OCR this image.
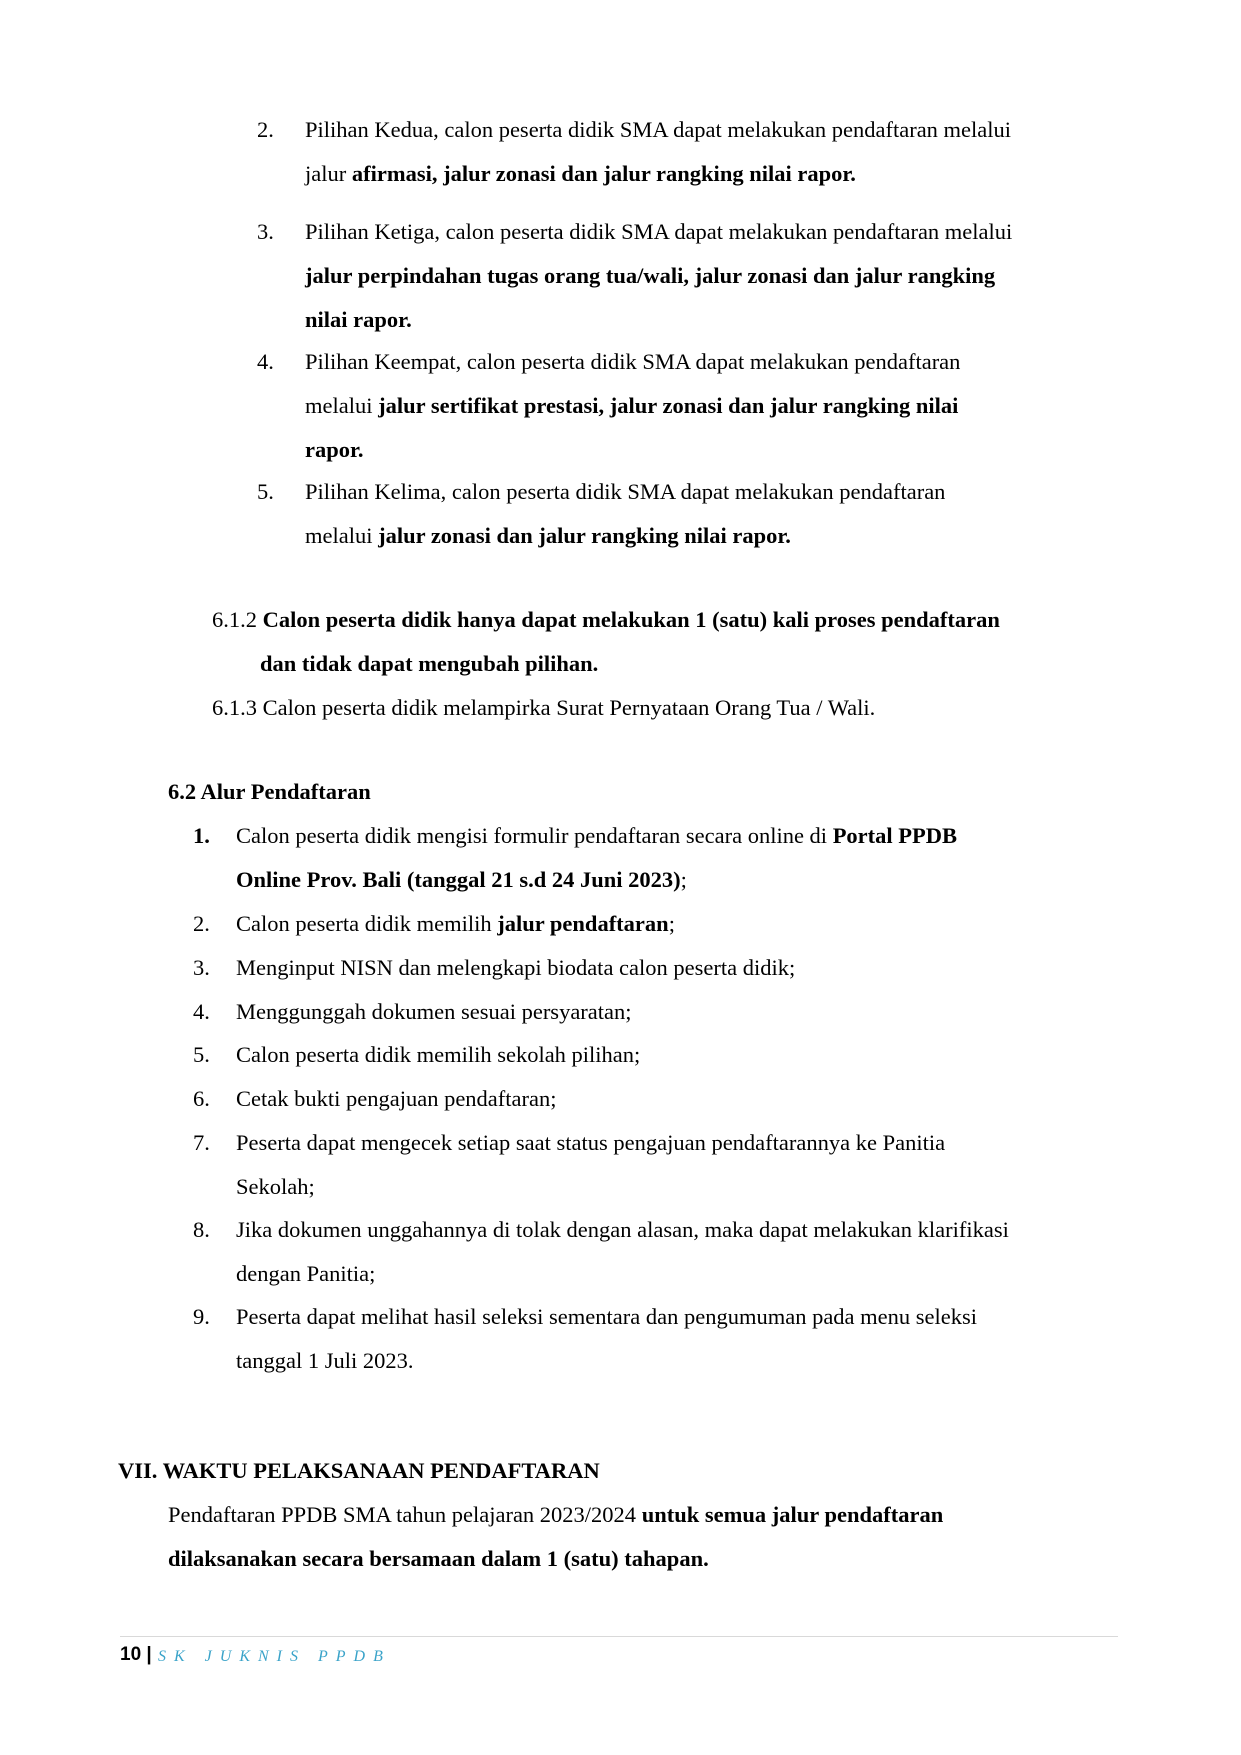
2. Pilihan Kedua, calon peserta didik SMA dapat melakukan pendaftaran melalui
jalur afirmasi, jalur zonasi dan jalur rangking nilai rapor.
3. Pilihan Ketiga, calon peserta didik SMA dapat melakukan pendaftaran melalui
jalur perpindahan tugas orang tua/wali, jalur zonasi dan jalur rangking
nilai rapor.
4. Pilihan Keempat, calon peserta didik SMA dapat melakukan pendaftaran
melalui jalur sertifikat prestasi, jalur zonasi dan jalur rangking nilai
rapor.
5. Pilihan Kelima, calon peserta didik SMA dapat melakukan pendaftaran
melalui jalur zonasi dan jalur rangking nilai rapor.
6.1.2 Calon peserta didik hanya dapat melakukan 1 (satu) kali proses pendaftaran
dan tidak dapat mengubah pilihan.
6.1.3 Calon peserta didik melampirka Surat Pernyataan Orang Tua / Wali.
6.2 Alur Pendaftaran
1. Calon peserta didik mengisi formulir pendaftaran secara online di Portal PPDB
Online Prov. Bali (tanggal 21 s.d 24 Juni 2023);
2. Calon peserta didik memilih jalur pendaftaran;
3. Menginput NISN dan melengkapi biodata calon peserta didik;
4. Menggunggah dokumen sesuai persyaratan;
5. Calon peserta didik memilih sekolah pilihan;
6. Cetak bukti pengajuan pendaftaran;
7. Peserta dapat mengecek setiap saat status pengajuan pendaftarannya ke Panitia
Sekolah;
8. Jika dokumen unggahannya di tolak dengan alasan, maka dapat melakukan klarifikasi
dengan Panitia;
9. Peserta dapat melihat hasil seleksi sementara dan pengumuman pada menu seleksi
tanggal 1 Juli 2023.
VII. WAKTU PELAKSANAAN PENDAFTARAN
Pendaftaran PPDB SMA tahun pelajaran 2023/2024 untuk semua jalur pendaftaran
dilaksanakan secara bersamaan dalam 1 (satu) tahapan.
10 | SK JUKNIS PPDB
